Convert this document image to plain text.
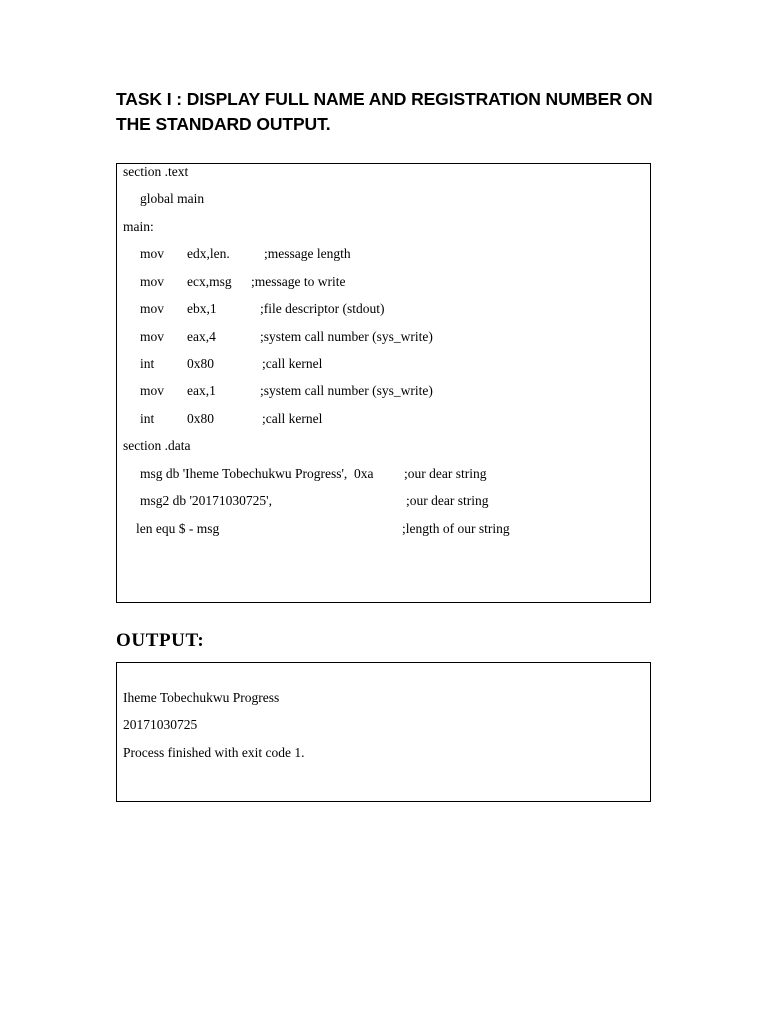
TASK I : DISPLAY FULL NAME AND REGISTRATION NUMBER ON THE STANDARD OUTPUT.
section .text
global main
main:
mov edx,len.	;message length
mov ecx,msg ;message to write
mov ebx,1	;file descriptor (stdout)
mov eax,4	;system call number (sys_write)
int 0x80	;call kernel
mov eax,1	;system call number (sys_write)
int 0x80	;call kernel
section .data
msg db 'Iheme Tobechukwu Progress',  0xa ;our dear string
msg2 db '20171030725',	;our dear string
len equ $ - msg	;length of our string
OUTPUT:
Iheme Tobechukwu Progress
20171030725
Process finished with exit code 1.
